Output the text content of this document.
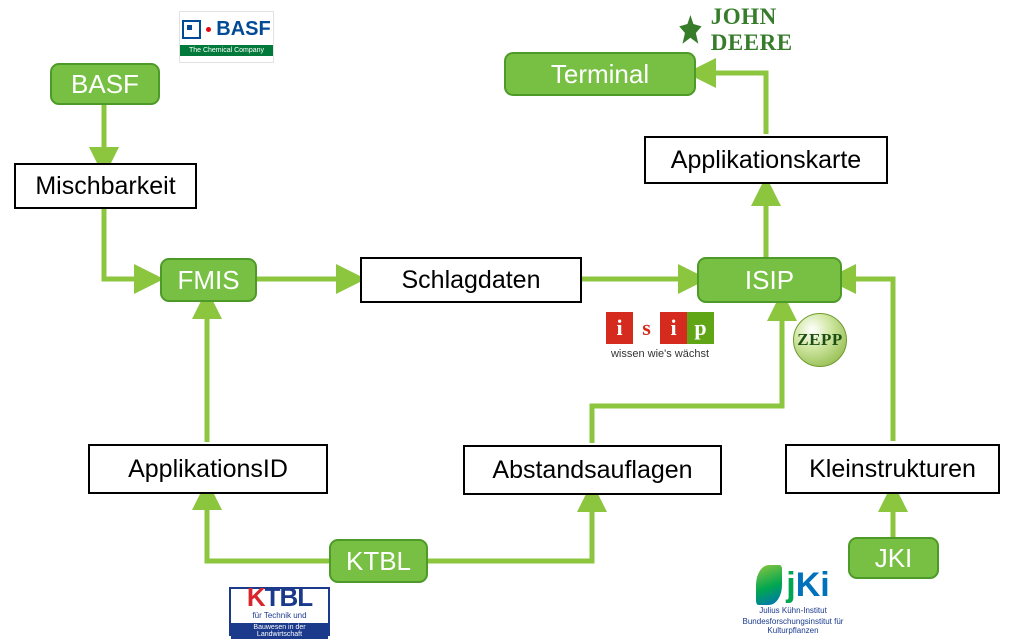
BASF
Mischbarkeit
FMIS	Schlagdaten	ISIP
Applikationskarte
Terminal
ApplikationsID	Abstandsauflagen	Kleinstrukturen
KTBL	JKI
BASF
The Chemical Company
JOHN DEERE
i s i p
wissen wie's wächst
ZEPP
KTBL
für Technik und
Bauwesen in der Landwirtschaft
jKi
Julius Kühn-Institut
Bundesforschungsinstitut für Kulturpflanzen
